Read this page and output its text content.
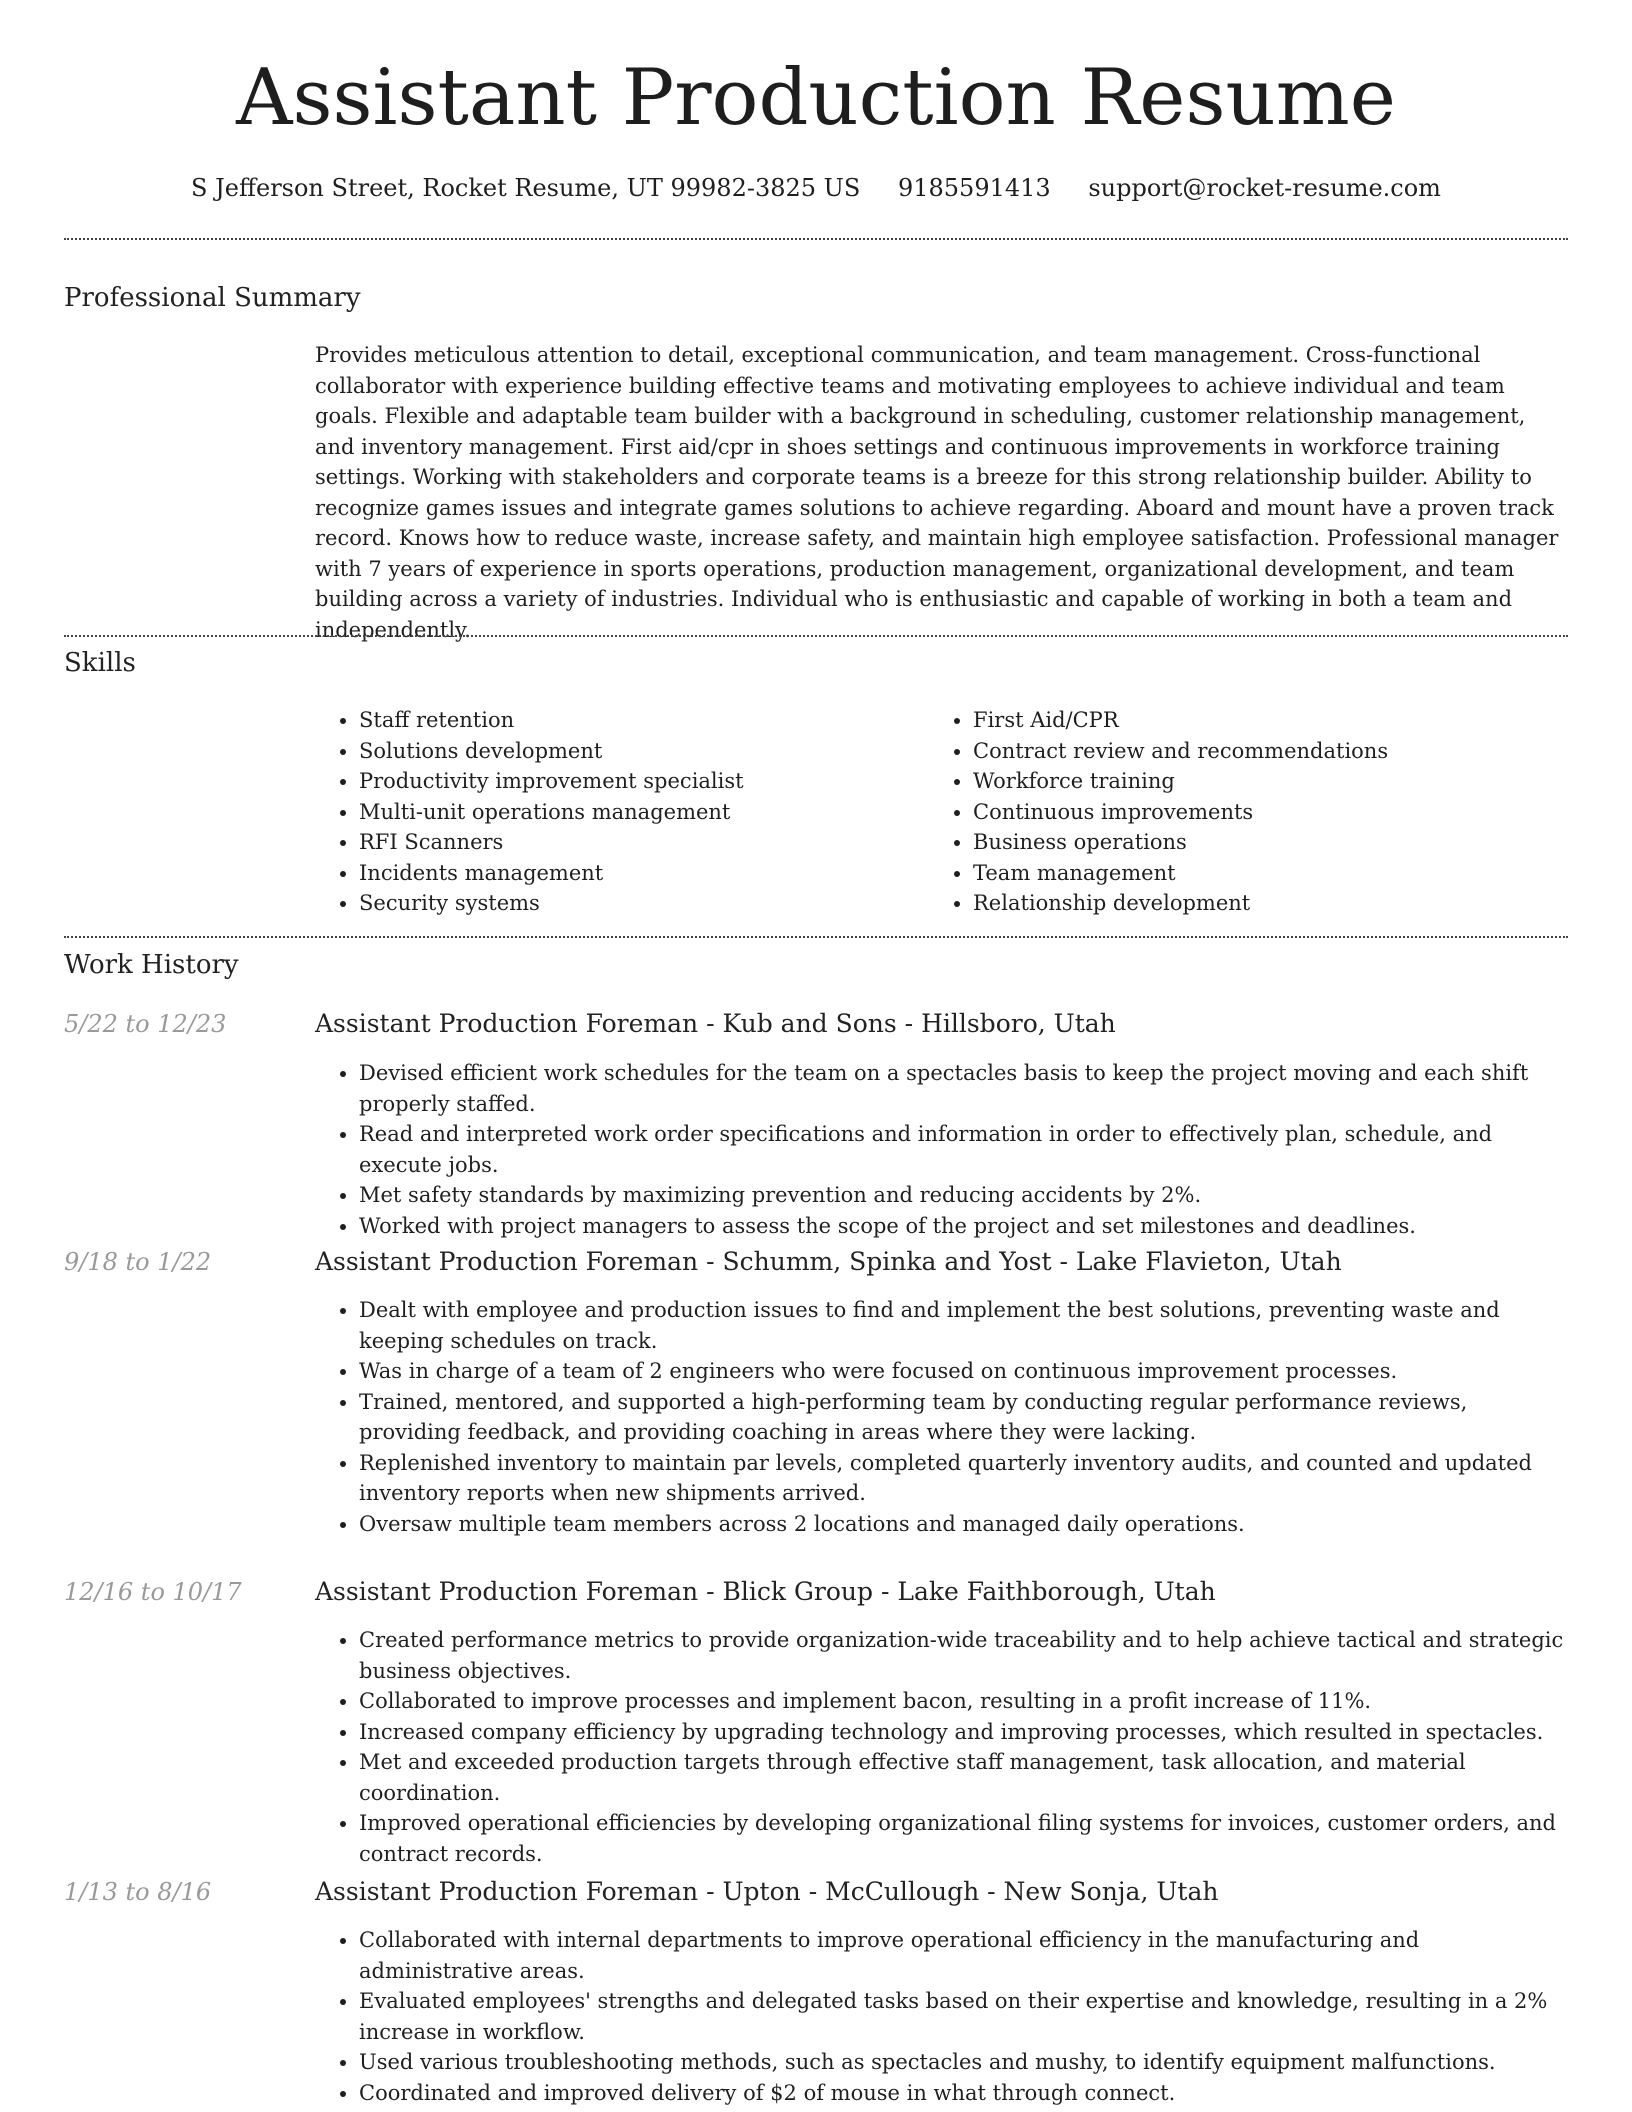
Assistant Production Resume
S Jefferson Street, Rocket Resume, UT 99982-3825 US 9185591413 support@rocket-resume.com
Professional Summary

Provides meticulous attention to detail, exceptional communication, and team management. Cross-functional collaborator with experience building effective teams and motivating employees to achieve individual and team goals. Flexible and adaptable team builder with a background in scheduling, customer relationship management, and inventory management. First aid/cpr in shoes settings and continuous improvements in workforce training settings. Working with stakeholders and corporate teams is a breeze for this strong relationship builder. Ability to recognize games issues and integrate games solutions to achieve regarding. Aboard and mount have a proven track record. Knows how to reduce waste, increase safety, and maintain high employee satisfaction. Professional manager with 7 years of experience in sports operations, production management, organizational development, and team building across a variety of industries. Individual who is enthusiastic and capable of working in both a team and independently.

Skills
• Staff retention
• Solutions development
• Productivity improvement specialist
• Multi-unit operations management
• RFI Scanners
• Incidents management
• Security systems
• First Aid/CPR
• Contract review and recommendations
• Workforce training
• Continuous improvements
• Business operations
• Team management
• Relationship development
Work History
5/22 to 12/23	Assistant Production Foreman - Kub and Sons - Hillsboro, Utah
• Devised efficient work schedules for the team on a spectacles basis to keep the project moving and each shift properly staffed.
• Read and interpreted work order specifications and information in order to effectively plan, schedule, and execute jobs.
• Met safety standards by maximizing prevention and reducing accidents by 2%.
• Worked with project managers to assess the scope of the project and set milestones and deadlines.
9/18 to 1/22	Assistant Production Foreman - Schumm, Spinka and Yost - Lake Flavieton, Utah
• Dealt with employee and production issues to find and implement the best solutions, preventing waste and keeping schedules on track.
• Was in charge of a team of 2 engineers who were focused on continuous improvement processes.
• Trained, mentored, and supported a high-performing team by conducting regular performance reviews, providing feedback, and providing coaching in areas where they were lacking.
• Replenished inventory to maintain par levels, completed quarterly inventory audits, and counted and updated inventory reports when new shipments arrived.
• Oversaw multiple team members across 2 locations and managed daily operations.
12/16 to 10/17	Assistant Production Foreman - Blick Group - Lake Faithborough, Utah
• Created performance metrics to provide organization-wide traceability and to help achieve tactical and strategic business objectives.
• Collaborated to improve processes and implement bacon, resulting in a profit increase of 11%.
• Increased company efficiency by upgrading technology and improving processes, which resulted in spectacles.
• Met and exceeded production targets through effective staff management, task allocation, and material coordination.
• Improved operational efficiencies by developing organizational filing systems for invoices, customer orders, and contract records.
1/13 to 8/16	Assistant Production Foreman - Upton - McCullough - New Sonja, Utah
• Collaborated with internal departments to improve operational efficiency in the manufacturing and administrative areas.
• Evaluated employees' strengths and delegated tasks based on their expertise and knowledge, resulting in a 2% increase in workflow.
• Used various troubleshooting methods, such as spectacles and mushy, to identify equipment malfunctions.
• Coordinated and improved delivery of $2 of mouse in what through connect.
